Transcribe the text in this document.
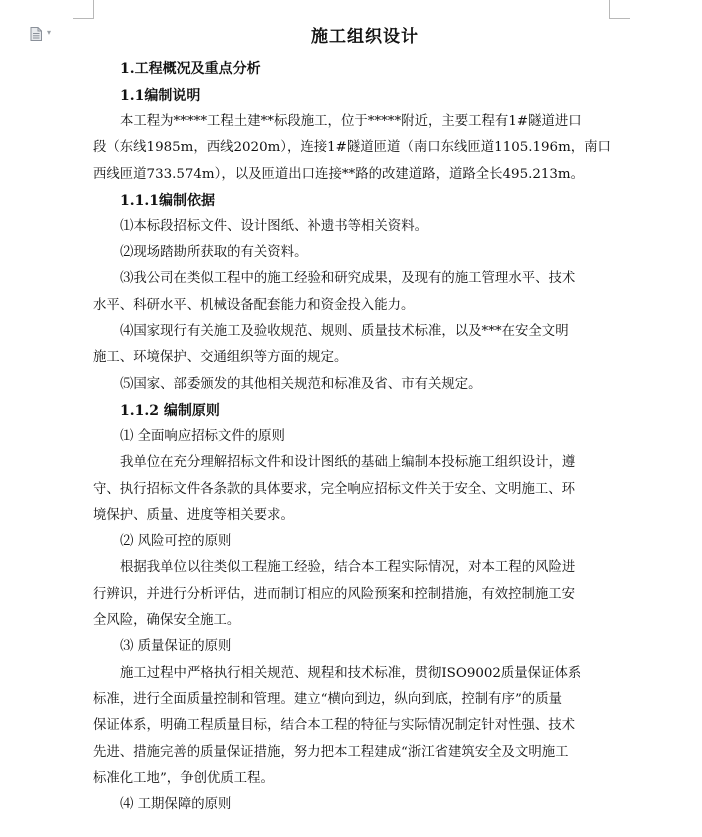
▾	施工组织设计
1.工程概况及重点分析
1.1编制说明
本工程为*****工程土建**标段施工，位于*****附近，主要工程有1#隧道进口
段（东线1985m，西线2020m），连接1#隧道匝道（南口东线匝道1105.196m，南口
西线匝道733.574m），以及匝道出口连接**路的改建道路，道路全长495.213m。
1.1.1编制依据
⑴本标段招标文件、设计图纸、补遗书等相关资料。
⑵现场踏勘所获取的有关资料。
⑶我公司在类似工程中的施工经验和研究成果，及现有的施工管理水平、技术
水平、科研水平、机械设备配套能力和资金投入能力。
⑷国家现行有关施工及验收规范、规则、质量技术标准，以及***在安全文明
施工、环境保护、交通组织等方面的规定。
⑸国家、部委颁发的其他相关规范和标准及省、市有关规定。
1.1.2 编制原则
⑴ 全面响应招标文件的原则
我单位在充分理解招标文件和设计图纸的基础上编制本投标施工组织设计，遵
守、执行招标文件各条款的具体要求，完全响应招标文件关于安全、文明施工、环
境保护、质量、进度等相关要求。
⑵ 风险可控的原则
根据我单位以往类似工程施工经验，结合本工程实际情况，对本工程的风险进
行辨识，并进行分析评估，进而制订相应的风险预案和控制措施，有效控制施工安
全风险，确保安全施工。
⑶ 质量保证的原则
施工过程中严格执行相关规范、规程和技术标准，贯彻ISO9002质量保证体系
标准，进行全面质量控制和管理。建立“横向到边，纵向到底，控制有序”的质量
保证体系，明确工程质量目标，结合本工程的特征与实际情况制定针对性强、技术
先进、措施完善的质量保证措施，努力把本工程建成“浙江省建筑安全及文明施工
标准化工地”，争创优质工程。
⑷ 工期保障的原则
